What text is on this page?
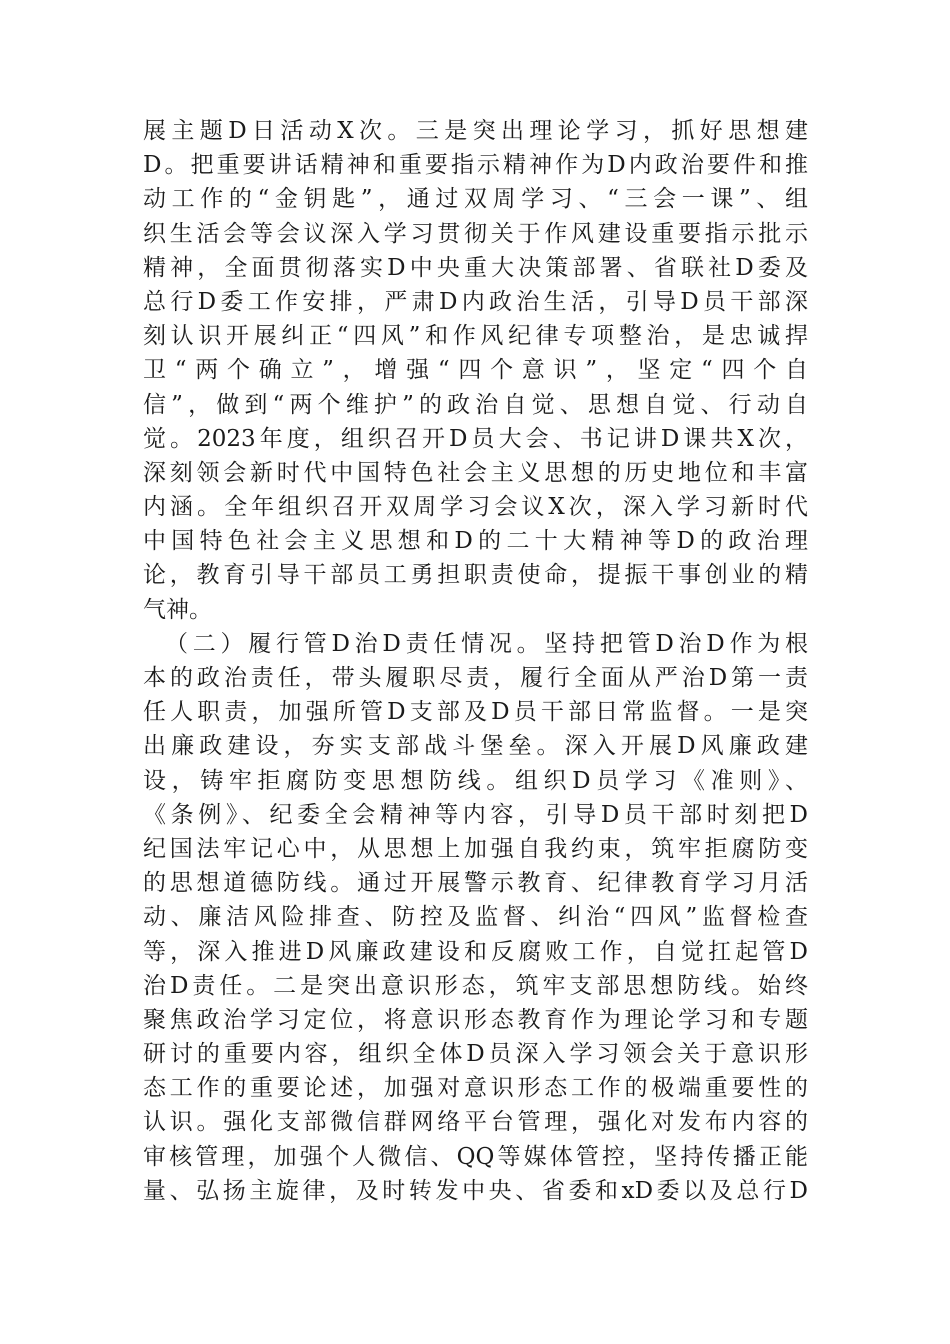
展主题D日活动X次。三是突出理论学习，抓好思想建
D。把重要讲话精神和重要指示精神作为D内政治要件和推
动工作的“金钥匙”，通过双周学习、“三会一课”、组
织生活会等会议深入学习贯彻关于作风建设重要指示批示
精神，全面贯彻落实D中央重大决策部署、省联社D委及
总行D委工作安排，严肃D内政治生活，引导D员干部深
刻认识开展纠正“四风”和作风纪律专项整治，是忠诚捍
卫“两个确立”，增强“四个意识”，坚定“四个自
信”，做到“两个维护”的政治自觉、思想自觉、行动自
觉。2023年度，组织召开D员大会、书记讲D课共X次，
深刻领会新时代中国特色社会主义思想的历史地位和丰富
内涵。全年组织召开双周学习会议X次，深入学习新时代
中国特色社会主义思想和D的二十大精神等D的政治理
论，教育引导干部员工勇担职责使命，提振干事创业的精
气神。
（二）履行管D治D责任情况。坚持把管D治D作为根
本的政治责任，带头履职尽责，履行全面从严治D第一责
任人职责，加强所管D支部及D员干部日常监督。一是突
出廉政建设，夯实支部战斗堡垒。深入开展D风廉政建
设，铸牢拒腐防变思想防线。组织D员学习《准则》、
《条例》、纪委全会精神等内容，引导D员干部时刻把D
纪国法牢记心中，从思想上加强自我约束，筑牢拒腐防变
的思想道德防线。通过开展警示教育、纪律教育学习月活
动、廉洁风险排查、防控及监督、纠治“四风”监督检查
等，深入推进D风廉政建设和反腐败工作，自觉扛起管D
治D责任。二是突出意识形态，筑牢支部思想防线。始终
聚焦政治学习定位，将意识形态教育作为理论学习和专题
研讨的重要内容，组织全体D员深入学习领会关于意识形
态工作的重要论述，加强对意识形态工作的极端重要性的
认识。强化支部微信群网络平台管理，强化对发布内容的
审核管理，加强个人微信、QQ等媒体管控，坚持传播正能
量、弘扬主旋律，及时转发中央、省委和xD委以及总行D
